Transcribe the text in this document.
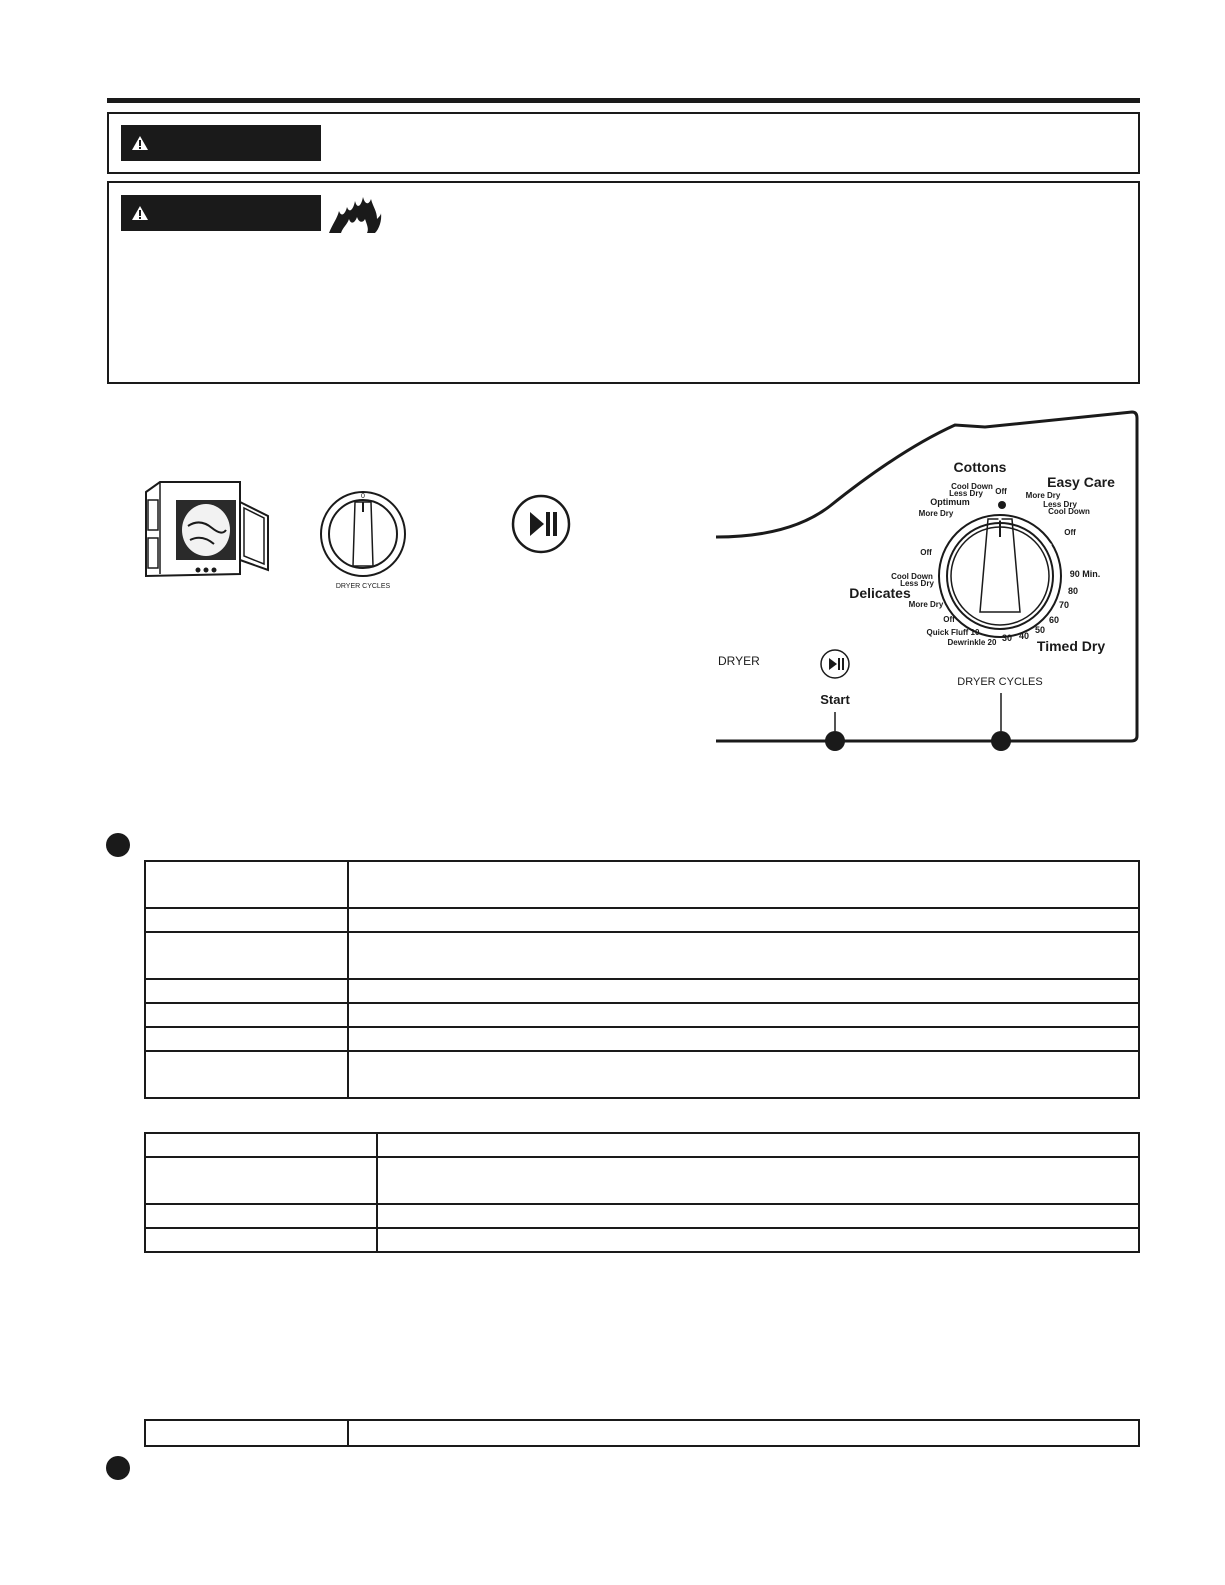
0
DRYER CYCLES
DRYER
Start
DRYER CYCLES
Cottons
Easy Care
Delicates
Timed Dry
Cool Down
Less Dry Off
Optimum
More Dry
More Dry
Less Dry
Cool Down
Off
Off
Cool Down
Less Dry
More Dry
Off
Quick Fluff 10
Dewrinkle 20 30 40
50
60
70
80
90 Min.
